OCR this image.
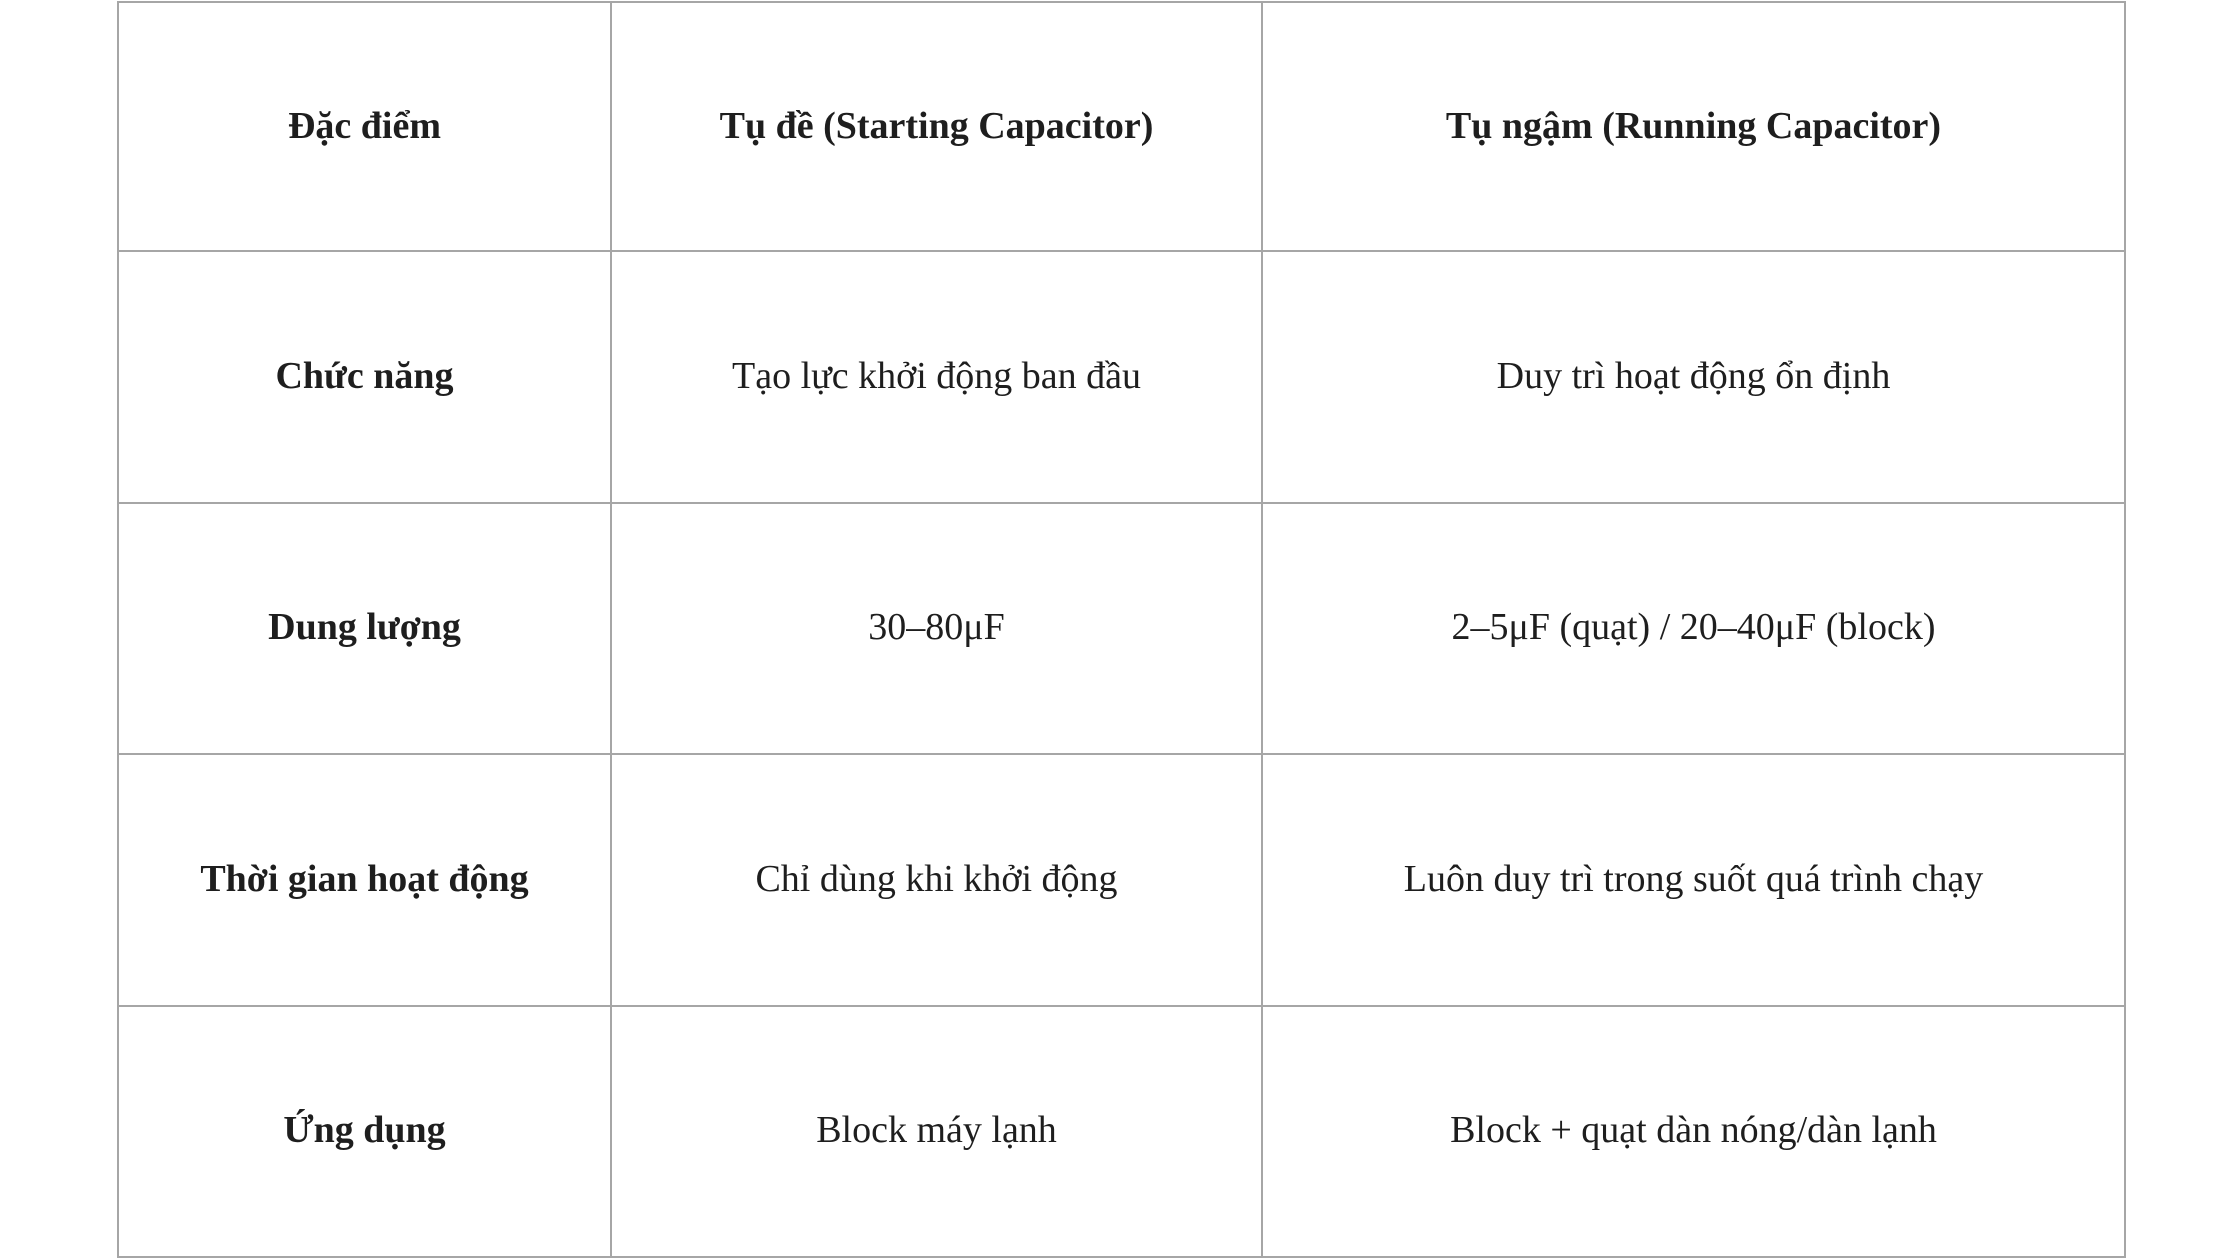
Đặc điểm	Tụ đề (Starting Capacitor)	Tụ ngậm (Running Capacitor)
Chức năng	Tạo lực khởi động ban đầu	Duy trì hoạt động ổn định
Dung lượng	30–80μF	2–5μF (quạt) / 20–40μF (block)
Thời gian hoạt động	Chỉ dùng khi khởi động	Luôn duy trì trong suốt quá trình chạy
Ứng dụng	Block máy lạnh	Block + quạt dàn nóng/dàn lạnh
